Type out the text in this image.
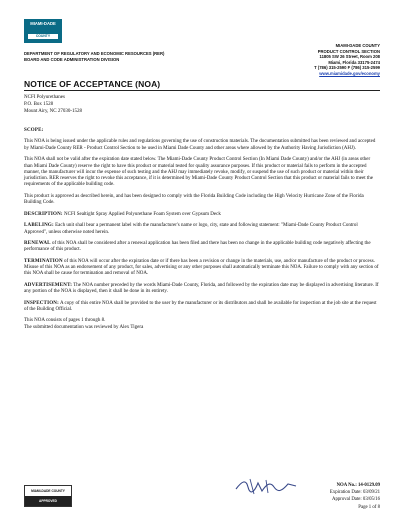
MIAMI-DADE
COUNTY
DEPARTMENT OF REGULATORY AND ECONOMIC RESOURCES (RER)
BOARD AND CODE ADMINISTRATION DIVISION
MIAMI-DADE COUNTY
PRODUCT CONTROL SECTION
11805 SW 26 Street, Room 208
Miami, Florida 33175-2474
T (786) 315-2590 F (786) 315-2599
www.miamidade.gov/economy
NOTICE OF ACCEPTANCE (NOA)
NCFI Polyurethanes
P.O. Box 1528
Mount Airy, NC 27030-1528

SCOPE:

This NOA is being issued under the applicable rules and regulations governing the use of construction materials. The documentation submitted has been reviewed and accepted by Miami-Dade County RER - Product Control Section to be used in Miami Dade County and other areas where allowed by the Authority Having Jurisdiction (AHJ).

This NOA shall not be valid after the expiration date stated below. The Miami-Dade County Product Control Section (In Miami Dade County) and/or the AHJ (in areas other than Miami Dade County) reserve the right to have this product or material tested for quality assurance purposes. If this product or material fails to perform in the accepted manner, the manufacturer will incur the expense of such testing and the AHJ may immediately revoke, modify, or suspend the use of such product or material within their jurisdiction. RER reserves the right to revoke this acceptance, if it is determined by Miami-Dade County Product Control Section that this product or material fails to meet the requirements of the applicable building code.

This product is approved as described herein, and has been designed to comply with the Florida Building Code including the High Velocity Hurricane Zone of the Florida Building Code.

DESCRIPTION: NCFI Sealtight Spray Applied Polyurethane Foam System over Gypsum Deck

LABELING: Each unit shall bear a permanent label with the manufacturer's name or logo, city, state and following statement: "Miami-Dade County Product Control Approved", unless otherwise noted herein.

RENEWAL of this NOA shall be considered after a renewal application has been filed and there has been no change in the applicable building code negatively affecting the performance of this product.

TERMINATION of this NOA will occur after the expiration date or if there has been a revision or change in the materials, use, and/or manufacture of the product or process. Misuse of this NOA as an endorsement of any product, for sales, advertising or any other purposes shall automatically terminate this NOA. Failure to comply with any section of this NOA shall be cause for termination and removal of NOA.

ADVERTISEMENT: The NOA number preceded by the words Miami-Dade County, Florida, and followed by the expiration date may be displayed in advertising literature. If any portion of the NOA is displayed, then it shall be done in its entirety.

INSPECTION: A copy of this entire NOA shall be provided to the user by the manufacturer or its distributors and shall be available for inspection at the job site at the request of the Building Official.

This NOA consists of pages 1 through 8.

The submitted documentation was reviewed by Alex Tigera

MIAMI-DADE COUNTY
APPROVED
NOA No.: 14-0129.09
Expiration Date: 03/09/21
Approval Date: 03/05/16
Page 1 of 8
